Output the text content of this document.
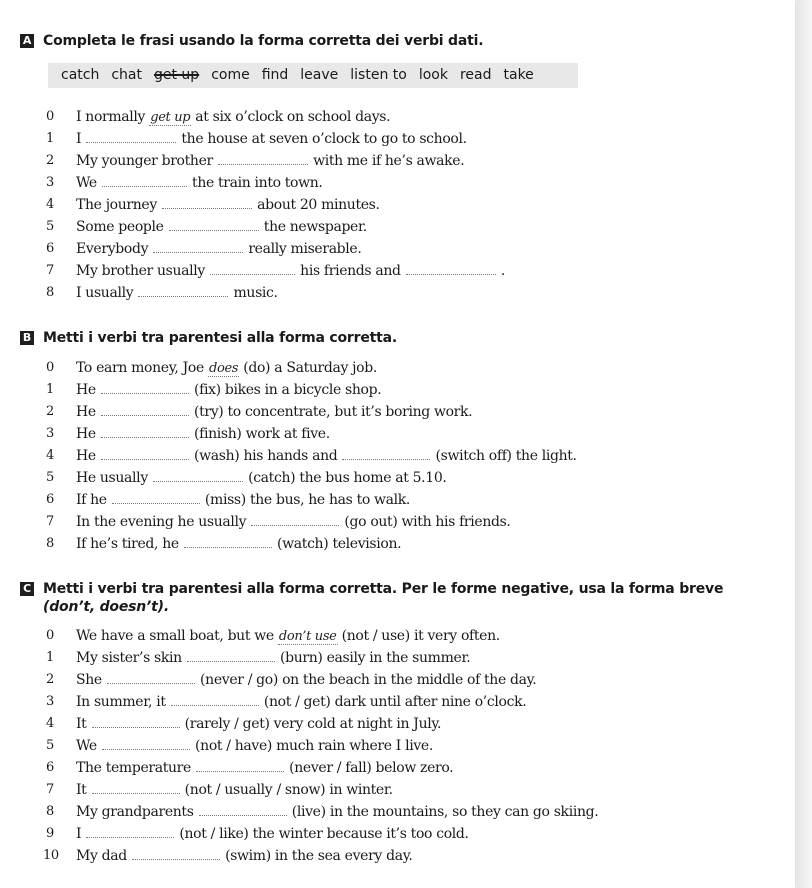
A Completa le frasi usando la forma corretta dei verbi dati.
catch chat get up come find leave listen to look read take
0	I normally get up at six o’clock on school days.
1	I	the house at seven o’clock to go to school.
2	My younger brother	with me if he’s awake.
3	We	the train into town.
4	The journey	about 20 minutes.
5	Some people	the newspaper.
6	Everybody	really miserable.
7	My brother usually	his friends and	.
8	I usually	music.
B Metti i verbi tra parentesi alla forma corretta.
0	To earn money, Joe does (do) a Saturday job.
1	He	(fix) bikes in a bicycle shop.
2	He	(try) to concentrate, but it’s boring work.
3	He	(finish) work at five.
4	He	(wash) his hands and	(switch off) the light.
5	He usually	(catch) the bus home at 5.10.
6	If he	(miss) the bus, he has to walk.
7	In the evening he usually	(go out) with his friends.
8	If he’s tired, he	(watch) television.
C Metti i verbi tra parentesi alla forma corretta. Per le forme negative, usa la forma breve
(don’t, doesn’t).
0	We have a small boat, but we don’t use (not / use) it very often.
1	My sister’s skin	(burn) easily in the summer.
2	She	(never / go) on the beach in the middle of the day.
3	In summer, it	(not / get) dark until after nine o’clock.
4	It	(rarely / get) very cold at night in July.
5	We	(not / have) much rain where I live.
6	The temperature	(never / fall) below zero.
7	It	(not / usually / snow) in winter.
8	My grandparents	(live) in the mountains, so they can go skiing.
9	I	(not / like) the winter because it’s too cold.
10	My dad	(swim) in the sea every day.
